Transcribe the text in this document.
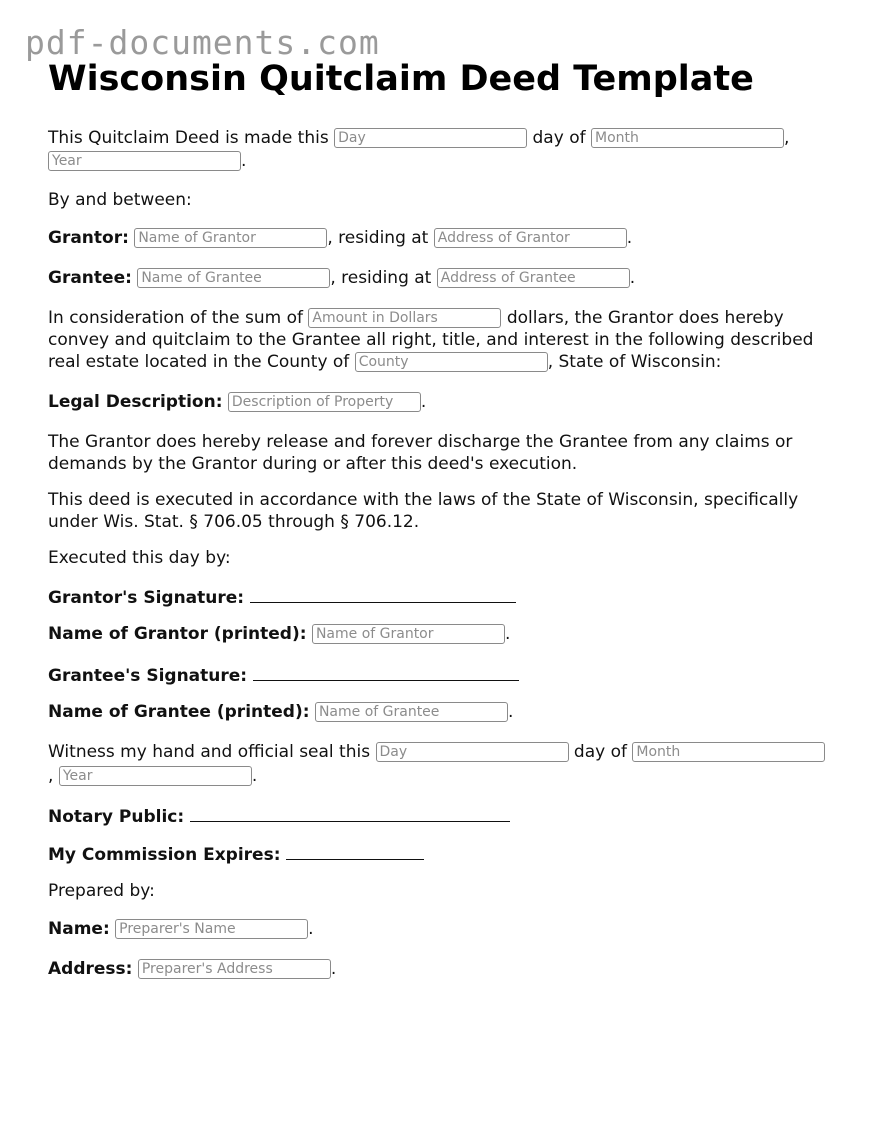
pdf-documents.com
Wisconsin Quitclaim Deed Template
This Quitclaim Deed is made this Day	day of Month	,
Year	.
By and between:
Grantor: Name of Grantor	, residing at Address of Grantor	.
Grantee: Name of Grantee	, residing at Address of Grantee	.
In consideration of the sum of Amount in Dollars	dollars, the Grantor does hereby
convey and quitclaim to the Grantee all right, title, and interest in the following described
real estate located in the County of County	, State of Wisconsin:
Legal Description: Description of Property .
The Grantor does hereby release and forever discharge the Grantee from any claims or demands by the Grantor during or after this deed's execution.
This deed is executed in accordance with the laws of the State of Wisconsin, specifically under Wis. Stat. § 706.05 through § 706.12.
Executed this day by:
Grantor's Signature:
Name of Grantor (printed): Name of Grantor	.
Grantee's Signature:
Name of Grantee (printed): Name of Grantee	.
Witness my hand and official seal this Day	day of Month
, Year	.
Notary Public:
My Commission Expires:
Prepared by:
Name: Preparer's Name	.
Address: Preparer's Address	.
